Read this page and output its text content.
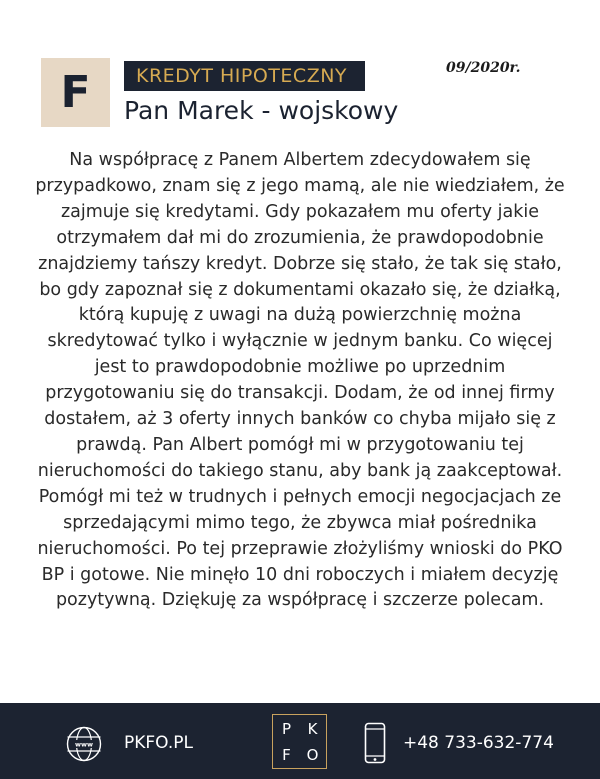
F	KREDYT HIPOTECZNY	09/2020r.
Pan Marek - wojskowy

Na współpracę z Panem Albertem zdecydowałem się przypadkowo, znam się z jego mamą, ale nie wiedziałem, że zajmuje się kredytami. Gdy pokazałem mu oferty jakie otrzymałem dał mi do zrozumienia, że prawdopodobnie znajdziemy tańszy kredyt. Dobrze się stało, że tak się stało, bo gdy zapoznał się z dokumentami okazało się, że działką, którą kupuję z uwagi na dużą powierzchnię można skredytować tylko i wyłącznie w jednym banku. Co więcej jest to prawdopodobnie możliwe po uprzednim przygotowaniu się do transakcji. Dodam, że od innej firmy dostałem, aż 3 oferty innych banków co chyba mijało się z prawdą. Pan Albert pomógł mi w przygotowaniu tej nieruchomości do takiego stanu, aby bank ją zaakceptował. Pomógł mi też w trudnych i pełnych emocji negocjacjach ze sprzedającymi mimo tego, że zbywca miał pośrednika nieruchomości. Po tej przeprawie złożyliśmy wnioski do PKO BP i gotowe. Nie minęło 10 dni roboczych i miałem decyzję pozytywną. Dziękuję za współpracę i szczerze polecam.

www PKFO.PL
P	K
F	O
+48 733-632-774
